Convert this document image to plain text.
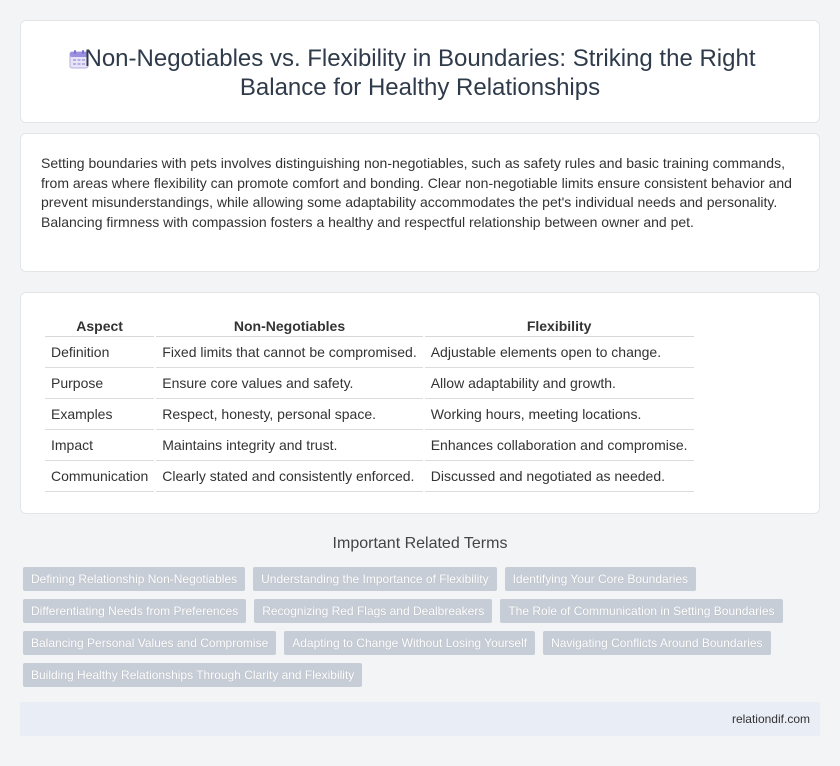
Non-Negotiables vs. Flexibility in Boundaries: Striking the Right Balance for Healthy Relationships

Setting boundaries with pets involves distinguishing non-negotiables, such as safety rules and basic training commands, from areas where flexibility can promote comfort and bonding. Clear non-negotiable limits ensure consistent behavior and prevent misunderstandings, while allowing some adaptability accommodates the pet's individual needs and personality. Balancing firmness with compassion fosters a healthy and respectful relationship between owner and pet.

Aspect	Non-Negotiables	Flexibility
Definition	Fixed limits that cannot be compromised.	Adjustable elements open to change.
Purpose	Ensure core values and safety.	Allow adaptability and growth.
Examples	Respect, honesty, personal space.	Working hours, meeting locations.
Impact	Maintains integrity and trust.	Enhances collaboration and compromise.
Communication	Clearly stated and consistently enforced.	Discussed and negotiated as needed.
Important Related Terms
Defining Relationship Non-Negotiables	Understanding the Importance of Flexibility	Identifying Your Core Boundaries
Differentiating Needs from Preferences	Recognizing Red Flags and Dealbreakers	The Role of Communication in Setting Boundaries
Balancing Personal Values and Compromise	Adapting to Change Without Losing Yourself	Navigating Conflicts Around Boundaries
Building Healthy Relationships Through Clarity and Flexibility
relationdif.com
